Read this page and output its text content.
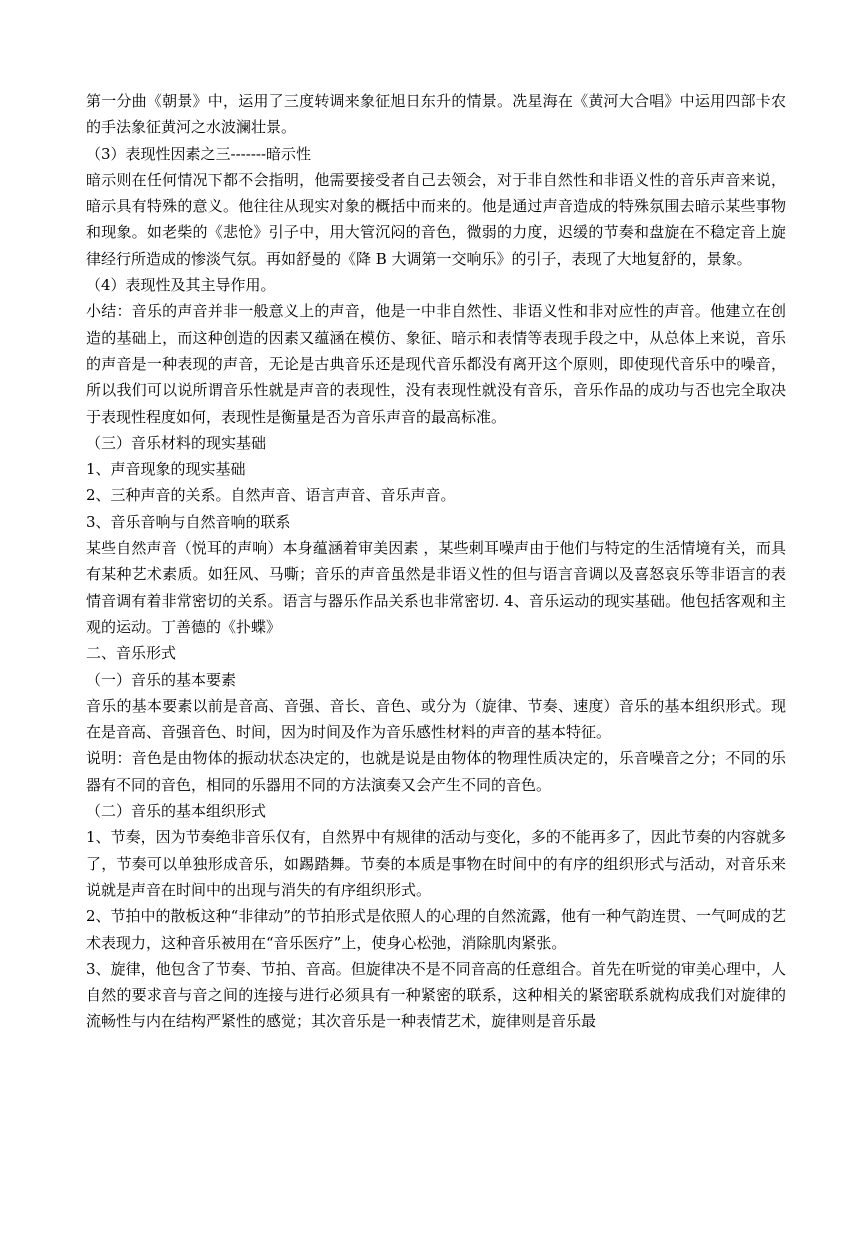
第一分曲《朝景》中，运用了三度转调来象征旭日东升的情景。冼星海在《黄河大合唱》中运用四部卡农的手法象征黄河之水波澜壮景。

（3）表现性因素之三-------暗示性

暗示则在任何情况下都不会指明，他需要接受者自己去领会，对于非自然性和非语义性的音乐声音来说，暗示具有特殊的意义。他往往从现实对象的概括中而来的。他是通过声音造成的特殊氛围去暗示某些事物和现象。如老柴的《悲怆》引子中，用大管沉闷的音色，微弱的力度，迟缓的节奏和盘旋在不稳定音上旋律经行所造成的惨淡气氛。再如舒曼的《降 B 大调第一交响乐》的引子，表现了大地复舒的，景象。

（4）表现性及其主导作用。

小结：音乐的声音并非一般意义上的声音，他是一中非自然性、非语义性和非对应性的声音。他建立在创造的基础上，而这种创造的因素又蕴涵在模仿、象征、暗示和表情等表现手段之中，从总体上来说，音乐的声音是一种表现的声音，无论是古典音乐还是现代音乐都没有离开这个原则，即使现代音乐中的噪音，所以我们可以说所谓音乐性就是声音的表现性，没有表现性就没有音乐，音乐作品的成功与否也完全取决于表现性程度如何，表现性是衡量是否为音乐声音的最高标准。

（三）音乐材料的现实基础

1、声音现象的现实基础

2、三种声音的关系。自然声音、语言声音、音乐声音。

3、音乐音响与自然音响的联系

某些自然声音（悦耳的声响）本身蕴涵着审美因素 ，某些刺耳噪声由于他们与特定的生活情境有关，而具有某种艺术素质。如狂风、马嘶；音乐的声音虽然是非语义性的但与语言音调以及喜怒哀乐等非语言的表情音调有着非常密切的关系。语言与器乐作品关系也非常密切. 4、音乐运动的现实基础。他包括客观和主观的运动。丁善德的《扑蝶》

二、音乐形式

（一）音乐的基本要素

音乐的基本要素以前是音高、音强、音长、音色、或分为（旋律、节奏、速度）音乐的基本组织形式。现在是音高、音强音色、时间，因为时间及作为音乐感性材料的声音的基本特征。

说明：音色是由物体的振动状态决定的，也就是说是由物体的物理性质决定的，乐音噪音之分；不同的乐器有不同的音色，相同的乐器用不同的方法演奏又会产生不同的音色。

（二）音乐的基本组织形式

1、节奏，因为节奏绝非音乐仅有，自然界中有规律的活动与变化，多的不能再多了，因此节奏的内容就多了，节奏可以单独形成音乐，如踢踏舞。节奏的本质是事物在时间中的有序的组织形式与活动，对音乐来说就是声音在时间中的出现与消失的有序组织形式。

2、节拍中的散板这种“非律动”的节拍形式是依照人的心理的自然流露，他有一种气韵连贯、一气呵成的艺术表现力，这种音乐被用在“音乐医疗”上，使身心松弛，消除肌肉紧张。

3、旋律，他包含了节奏、节拍、音高。但旋律决不是不同音高的任意组合。首先在听觉的审美心理中，人自然的要求音与音之间的连接与进行必须具有一种紧密的联系，这种相关的紧密联系就构成我们对旋律的流畅性与内在结构严紧性的感觉；其次音乐是一种表情艺术，旋律则是音乐最
